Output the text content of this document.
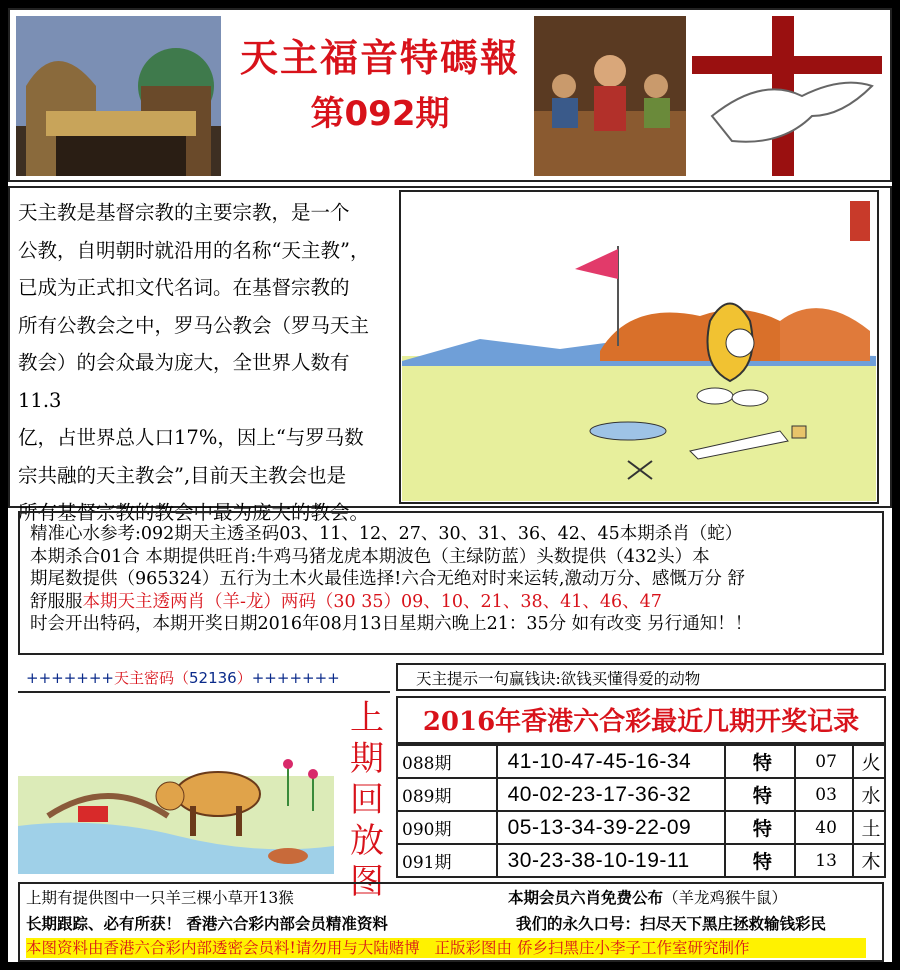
天主福音特碼報
第092期

天主教是基督宗教的主要宗教，是一个

公教，自明朝时就沿用的名称“天主教”，

已成为正式扣文代名词。在基督宗教的

所有公教会之中，罗马公教会（罗马天主

教会）的会众最为庞大，全世界人数有11.3

亿，占世界总人口17%，因上“与罗马数

宗共融的天主教会”,目前天主教会也是

所有基督宗教的教会中最为庞大的教会。

精准心水参考:092期天主透圣码03、11、12、27、30、31、36、42、45本期杀肖（蛇）
本期杀合01合 本期提供旺肖:牛鸡马猪龙虎本期波色（主绿防蓝）头数提供（432头）本
期尾数提供（965324）五行为土木火最佳选择!六合无绝对时来运转,激动万分、感慨万分 舒
舒服服本期天主透两肖（羊-龙）两码（30 35）09、10、21、38、41、46、47
时会开出特码，本期开奖日期2016年08月13日星期六晚上21：35分 如有改变 另行通知！！
+++++++天主密码（52136）+++++++	天主提示一句赢钱诀:欲钱买懂得爱的动物
上
期
回
放
图
2016年香港六合彩最近几期开奖记录
088期	41-10-47-45-16-34	特	07	火
089期	40-02-23-17-36-32	特	03	水
090期	05-13-34-39-22-09	特	40	土
091期	30-23-38-10-19-11	特	13	木
上期有提供图中一只羊三棵小草开13猴	本期会员六肖免费公布（羊龙鸡猴牛鼠）
长期跟踪、必有所获！ 香港六合彩内部会员精准资料	我们的永久口号：扫尽天下黑庄拯救输钱彩民
本图资料由香港六合彩内部透密会员料!请勿用与大陆赌博 正版彩图由 侨乡扫黑庄小李子工作室研究制作
